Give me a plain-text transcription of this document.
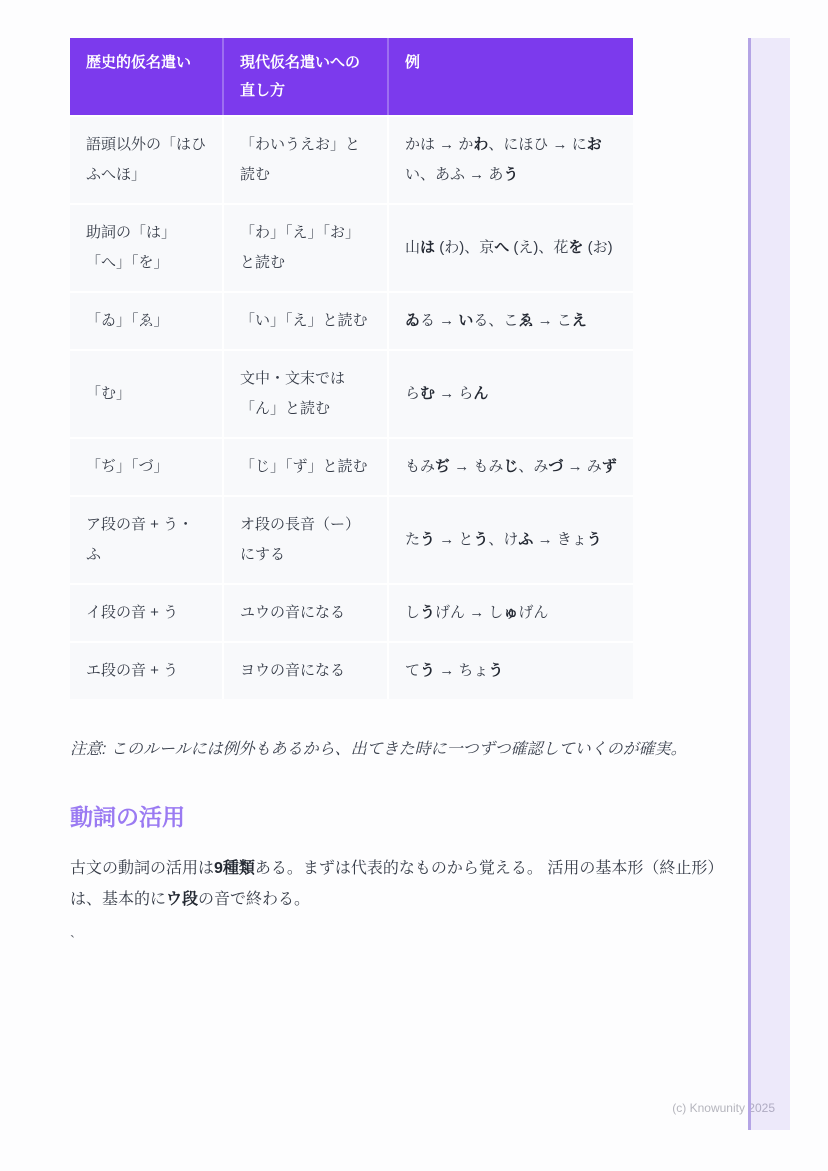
歴史的仮名遣い	現代仮名遣いへの直し方	例
語頭以外の「はひふへほ」	「わいうえお」と読む	かは → かわ、にほひ → におい、あふ → あう
助詞の「は」「へ」「を」	「わ」「え」「お」と読む	山は (わ)、京へ (え)、花を (お)
「ゐ」「ゑ」	「い」「え」と読む	ゐる → いる、こゑ → こえ
「む」	文中・文末では「ん」と読む	らむ → らん
「ぢ」「づ」	「じ」「ず」と読む	もみぢ → もみじ、みづ → みず
ア段の音 + う・ふ	オ段の長音（ー）にする	たう → とう、けふ → きょう
イ段の音 + う	ユウの音になる	しうげん → しゅげん
エ段の音 + う	ヨウの音になる	てう → ちょう

注意: このルールには例外もあるから、出てきた時に一つずつ確認していくのが確実。

動詞の活用

古文の動詞の活用は9種類ある。まずは代表的なものから覚える。 活用の基本形（終止形）は、基本的にウ段の音で終わる。

`

(c) Knowunity 2025
